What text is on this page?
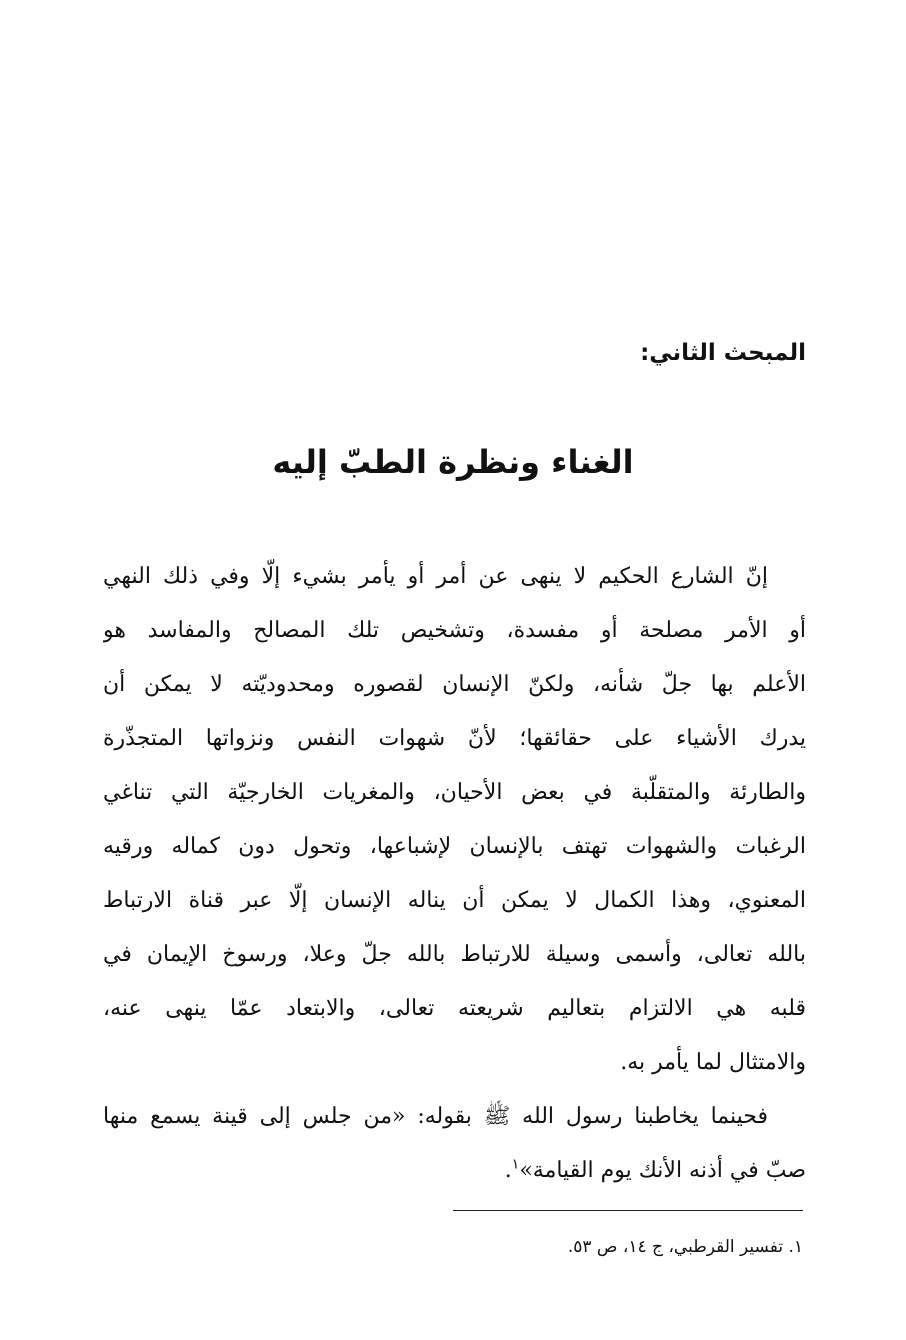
المبحث الثاني:
الغناء ونظرة الطبّ إليه
إنّ الشارع الحكيم لا ينهى عن أمر أو يأمر بشيء إلّا وفي ذلك النهي
أو الأمر مصلحة أو مفسدة، وتشخيص تلك المصالح والمفاسد هو
الأعلم بها جلّ شأنه، ولكنّ الإنسان لقصوره ومحدوديّته لا يمكن أن
يدرك الأشياء على حقائقها؛ لأنّ شهوات النفس ونزواتها المتجذّرة
والطارئة والمتقلّبة في بعض الأحيان، والمغريات الخارجيّة التي تناغي
الرغبات والشهوات تهتف بالإنسان لإشباعها، وتحول دون كماله ورقيه
المعنوي، وهذا الكمال لا يمكن أن يناله الإنسان إلّا عبر قناة الارتباط
بالله تعالى، وأسمى وسيلة للارتباط بالله جلّ وعلا، ورسوخ الإيمان في
قلبه هي الالتزام بتعاليم شريعته تعالى، والابتعاد عمّا ينهى عنه،
والامتثال لما يأمر به.
فحينما يخاطبنا رسول الله ﷺ بقوله: «من جلس إلى قينة يسمع منها
صبّ في أذنه الأنك يوم القيامة»$^١$.
١. تفسير القرطبي، ج ١٤، ص ٥٣.
